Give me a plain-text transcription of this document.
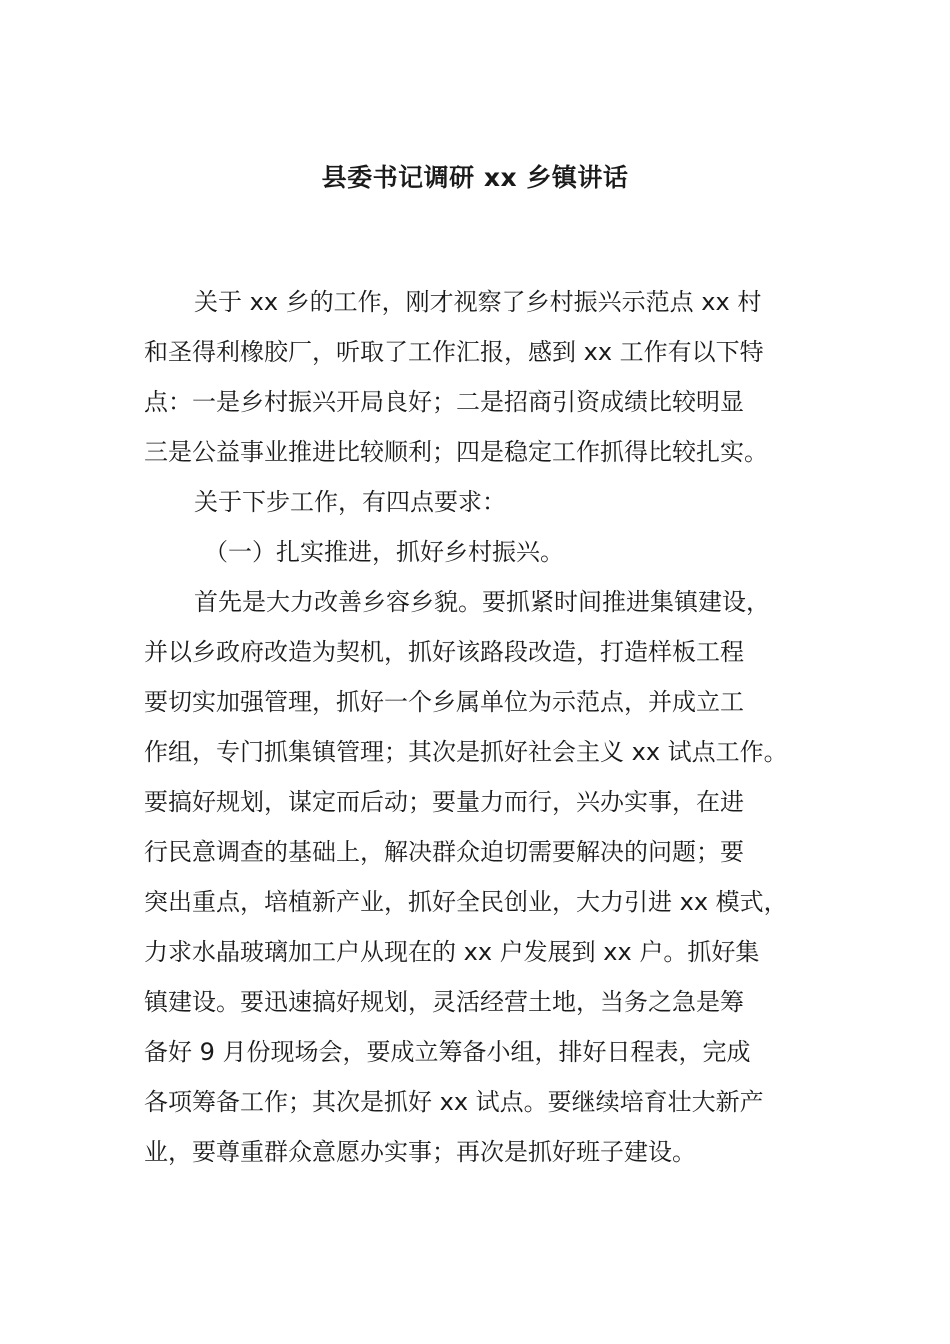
县委书记调研 xx 乡镇讲话
关于 xx 乡的工作，刚才视察了乡村振兴示范点 xx 村
和圣得利橡胶厂，听取了工作汇报，感到 xx 工作有以下特
点：一是乡村振兴开局良好；二是招商引资成绩比较明显
三是公益事业推进比较顺利；四是稳定工作抓得比较扎实。
关于下步工作，有四点要求：
（一）扎实推进，抓好乡村振兴。
首先是大力改善乡容乡貌。要抓紧时间推进集镇建设，
并以乡政府改造为契机，抓好该路段改造，打造样板工程
要切实加强管理，抓好一个乡属单位为示范点，并成立工
作组，专门抓集镇管理；其次是抓好社会主义 xx 试点工作。
要搞好规划，谋定而后动；要量力而行，兴办实事，在进
行民意调查的基础上，解决群众迫切需要解决的问题；要
突出重点，培植新产业，抓好全民创业，大力引进 xx 模式，
力求水晶玻璃加工户从现在的 xx 户发展到 xx 户。抓好集
镇建设。要迅速搞好规划，灵活经营土地，当务之急是筹
备好 9 月份现场会，要成立筹备小组，排好日程表，完成
各项筹备工作；其次是抓好 xx 试点。要继续培育壮大新产
业，要尊重群众意愿办实事；再次是抓好班子建设。
